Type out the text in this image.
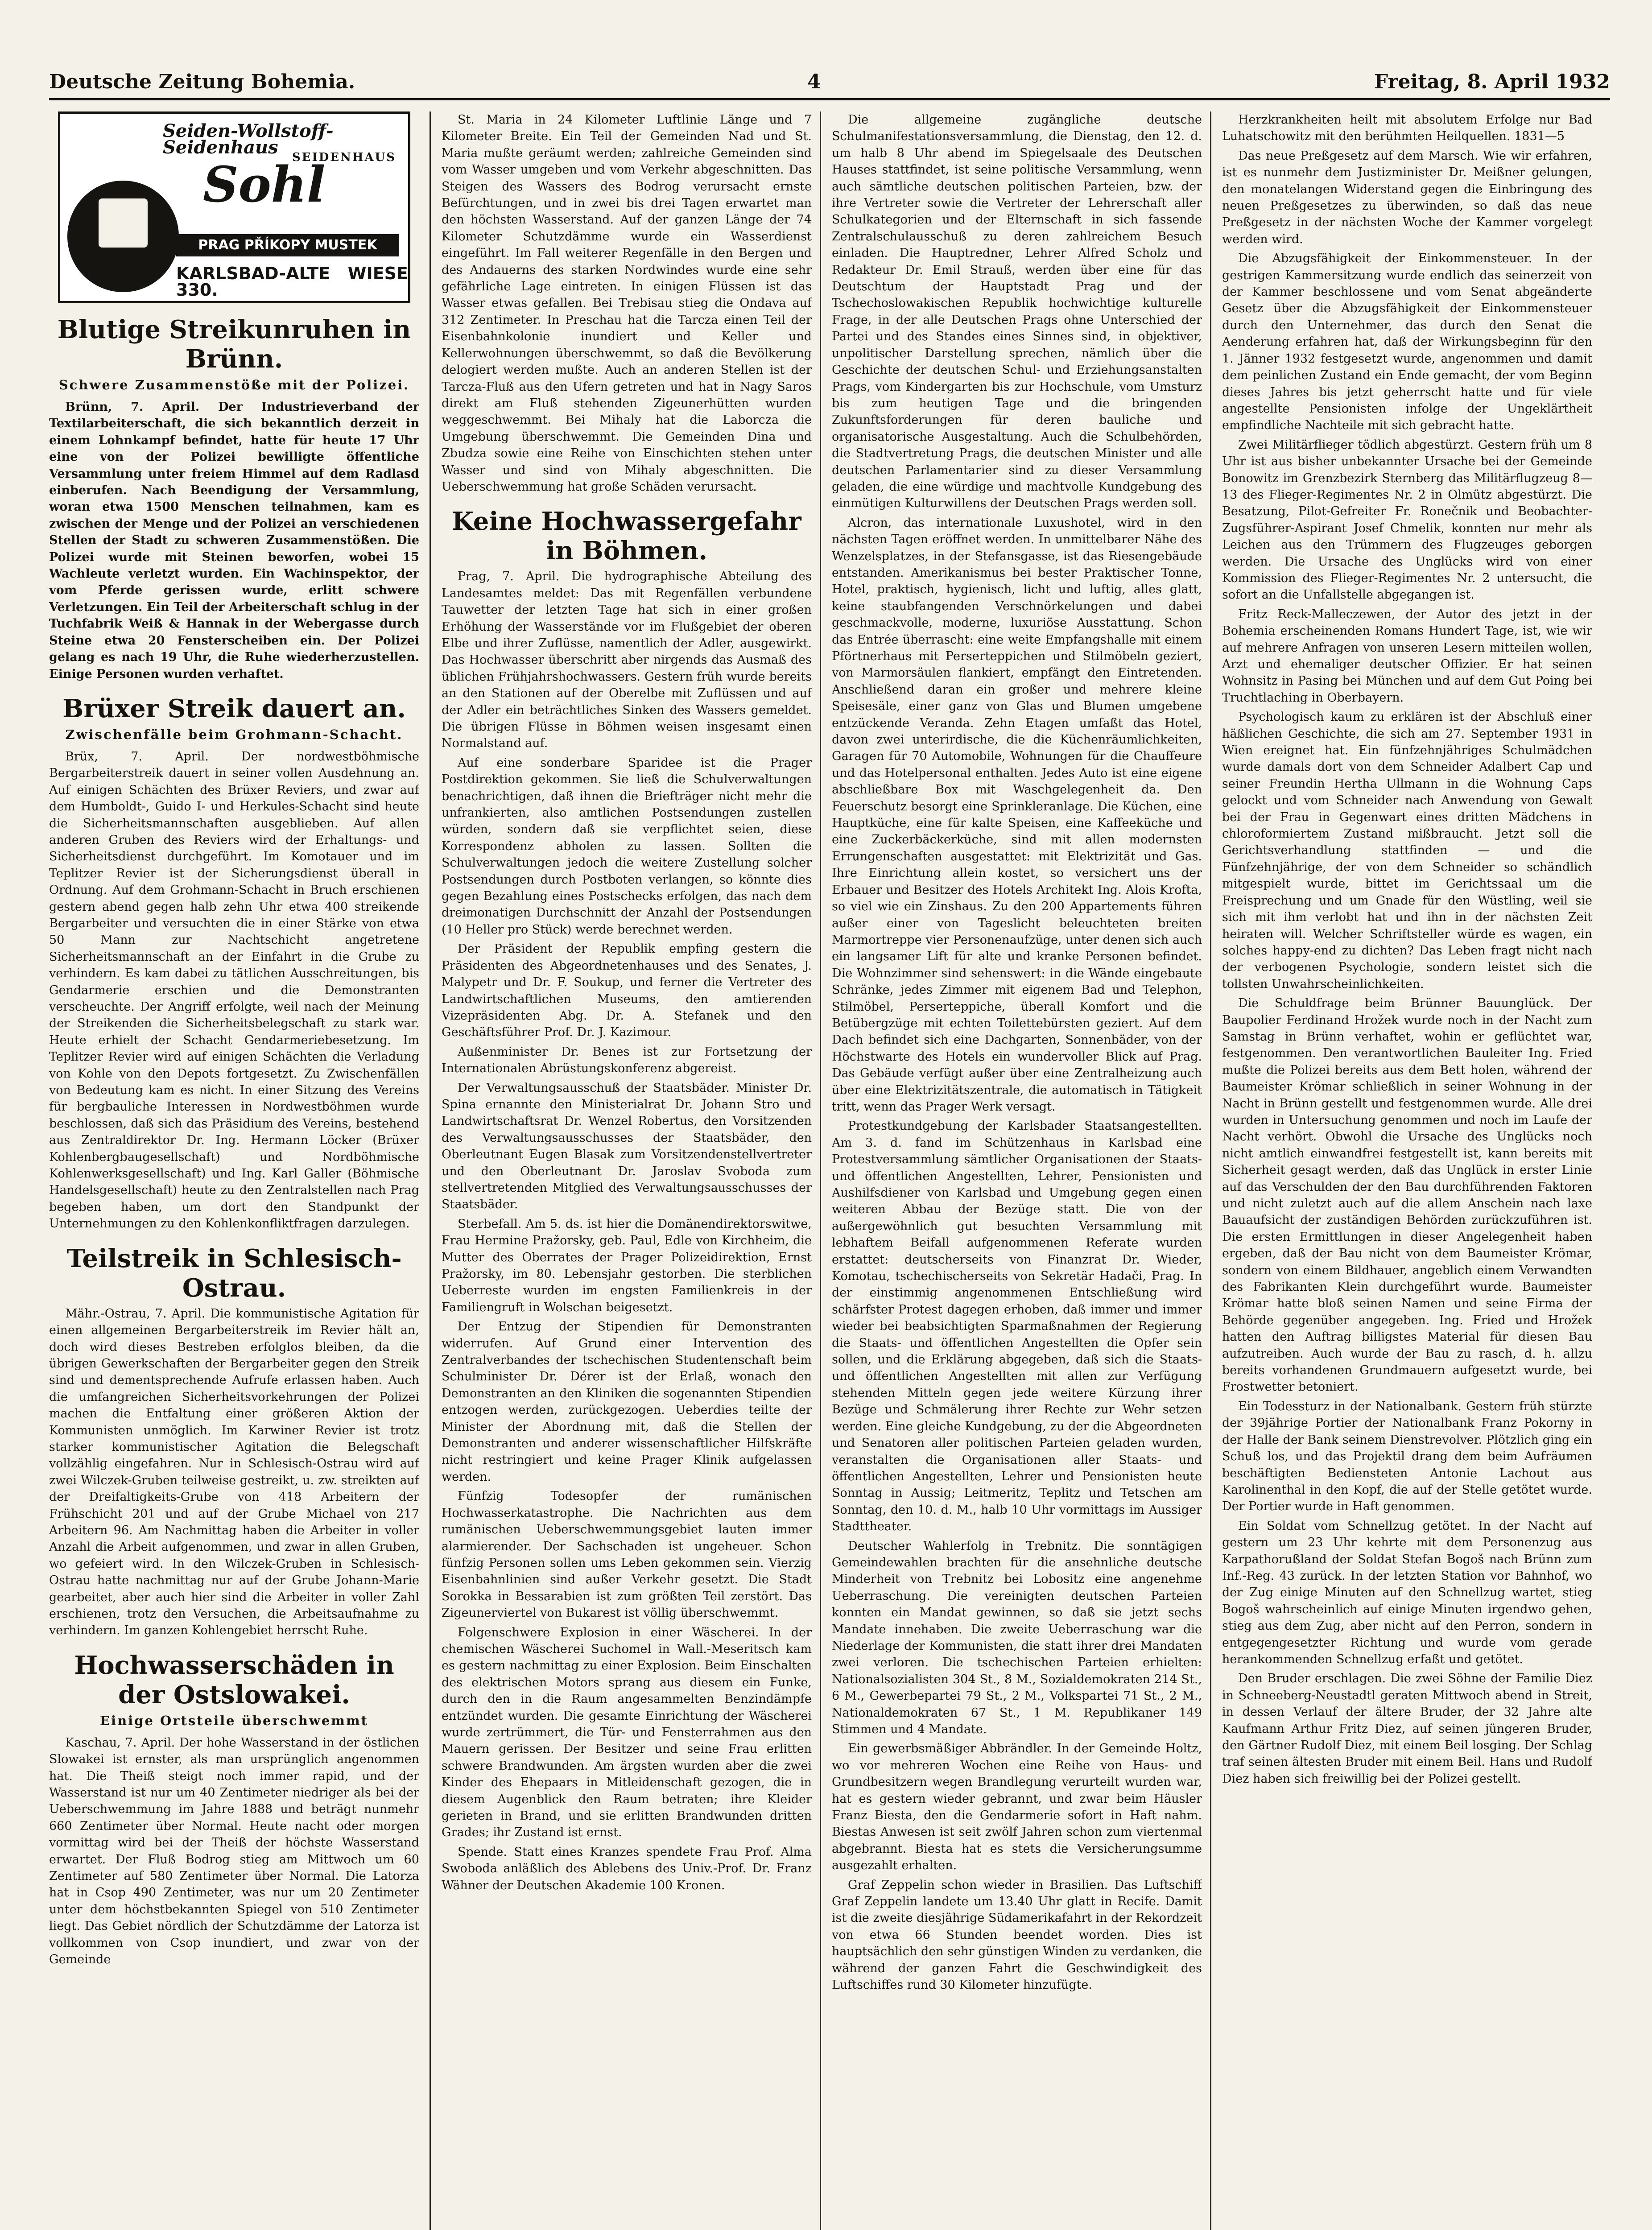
Deutsche Zeitung Bohemia.	4	Freitag, 8. April 1932
Seiden-Wollstoff-Seidenhaus	SEIDENHAUS
Sohl
PRAG PŘÍKOPY MUSTEK
KARLSBAD-ALTE WIESE 330.
Blutige Streikunruhen in Brünn.
Schwere Zusammenstöße mit der Polizei.

Brünn, 7. April. Der Industrieverband der Textilarbeiterschaft, die sich bekanntlich derzeit in einem Lohnkampf befindet, hatte für heute 17 Uhr eine von der Polizei bewilligte öffentliche Versammlung unter freiem Himmel auf dem Radlasd einberufen. Nach Beendigung der Versammlung, woran etwa 1500 Menschen teilnahmen, kam es zwischen der Menge und der Polizei an verschiedenen Stellen der Stadt zu schweren Zusammenstößen. Die Polizei wurde mit Steinen beworfen, wobei 15 Wachleute verletzt wurden. Ein Wachinspektor, der vom Pferde gerissen wurde, erlitt schwere Verletzungen. Ein Teil der Arbeiterschaft schlug in der Tuchfabrik Weiß & Hannak in der Webergasse durch Steine etwa 20 Fensterscheiben ein. Der Polizei gelang es nach 19 Uhr, die Ruhe wiederherzustellen. Einige Personen wurden verhaftet.

Brüxer Streik dauert an.
Zwischenfälle beim Grohmann-Schacht.

Brüx, 7. April. Der nordwestböhmische Bergarbeiterstreik dauert in seiner vollen Ausdehnung an. Auf einigen Schächten des Brüxer Reviers, und zwar auf dem Humboldt-, Guido I- und Herkules-Schacht sind heute die Sicherheitsmannschaften ausgeblieben. Auf allen anderen Gruben des Reviers wird der Erhaltungs- und Sicherheitsdienst durchgeführt. Im Komotauer und im Teplitzer Revier ist der Sicherungsdienst überall in Ordnung. Auf dem Grohmann-Schacht in Bruch erschienen gestern abend gegen halb zehn Uhr etwa 400 streikende Bergarbeiter und versuchten die in einer Stärke von etwa 50 Mann zur Nachtschicht angetretene Sicherheitsmannschaft an der Einfahrt in die Grube zu verhindern. Es kam dabei zu tätlichen Ausschreitungen, bis Gendarmerie erschien und die Demonstranten verscheuchte. Der Angriff erfolgte, weil nach der Meinung der Streikenden die Sicherheitsbelegschaft zu stark war. Heute erhielt der Schacht Gendarmeriebesetzung. Im Teplitzer Revier wird auf einigen Schächten die Verladung von Kohle von den Depots fortgesetzt. Zu Zwischenfällen von Bedeutung kam es nicht. In einer Sitzung des Vereins für bergbauliche Interessen in Nordwestböhmen wurde beschlossen, daß sich das Präsidium des Vereins, bestehend aus Zentraldirektor Dr. Ing. Hermann Löcker (Brüxer Kohlenbergbaugesellschaft) und Nordböhmische Kohlenwerksgesellschaft) und Ing. Karl Galler (Böhmische Handelsgesellschaft) heute zu den Zentralstellen nach Prag begeben haben, um dort den Standpunkt der Unternehmungen zu den Kohlenkonfliktfragen darzulegen.

Teilstreik in Schlesisch-Ostrau.

Mähr.-Ostrau, 7. April. Die kommunistische Agitation für einen allgemeinen Bergarbeiterstreik im Revier hält an, doch wird dieses Bestreben erfolglos bleiben, da die übrigen Gewerkschaften der Bergarbeiter gegen den Streik sind und dementsprechende Aufrufe erlassen haben. Auch die umfangreichen Sicherheitsvorkehrungen der Polizei machen die Entfaltung einer größeren Aktion der Kommunisten unmöglich. Im Karwiner Revier ist trotz starker kommunistischer Agitation die Belegschaft vollzählig eingefahren. Nur in Schlesisch-Ostrau wird auf zwei Wilczek-Gruben teilweise gestreikt, u. zw. streikten auf der Dreifaltigkeits-Grube von 418 Arbeitern der Frühschicht 201 und auf der Grube Michael von 217 Arbeitern 96. Am Nachmittag haben die Arbeiter in voller Anzahl die Arbeit aufgenommen, und zwar in allen Gruben, wo gefeiert wird. In den Wilczek-Gruben in Schlesisch-Ostrau hatte nachmittag nur auf der Grube Johann-Marie gearbeitet, aber auch hier sind die Arbeiter in voller Zahl erschienen, trotz den Versuchen, die Arbeitsaufnahme zu verhindern. Im ganzen Kohlengebiet herrscht Ruhe.

Hochwasserschäden in der Ostslowakei.
Einige Ortsteile überschwemmt

Kaschau, 7. April. Der hohe Wasserstand in der östlichen Slowakei ist ernster, als man ursprünglich angenommen hat. Die Theiß steigt noch immer rapid, und der Wasserstand ist nur um 40 Zentimeter niedriger als bei der Ueberschwemmung im Jahre 1888 und beträgt nunmehr 660 Zentimeter über Normal. Heute nacht oder morgen vormittag wird bei der Theiß der höchste Wasserstand erwartet. Der Fluß Bodrog stieg am Mittwoch um 60 Zentimeter auf 580 Zentimeter über Normal. Die Latorza hat in Csop 490 Zentimeter, was nur um 20 Zentimeter unter dem höchstbekannten Spiegel von 510 Zentimeter liegt. Das Gebiet nördlich der Schutzdämme der Latorza ist vollkommen von Csop inundiert, und zwar von der Gemeinde

St. Maria in 24 Kilometer Luftlinie Länge und 7 Kilometer Breite. Ein Teil der Gemeinden Nad und St. Maria mußte geräumt werden; zahlreiche Gemeinden sind vom Wasser umgeben und vom Verkehr abgeschnitten. Das Steigen des Wassers des Bodrog verursacht ernste Befürchtungen, und in zwei bis drei Tagen erwartet man den höchsten Wasserstand. Auf der ganzen Länge der 74 Kilometer Schutzdämme wurde ein Wasserdienst eingeführt. Im Fall weiterer Regenfälle in den Bergen und des Andauerns des starken Nordwindes wurde eine sehr gefährliche Lage eintreten. In einigen Flüssen ist das Wasser etwas gefallen. Bei Trebisau stieg die Ondava auf 312 Zentimeter. In Preschau hat die Tarcza einen Teil der Eisenbahnkolonie inundiert und Keller und Kellerwohnungen überschwemmt, so daß die Bevölkerung delogiert werden mußte. Auch an anderen Stellen ist der Tarcza-Fluß aus den Ufern getreten und hat in Nagy Saros direkt am Fluß stehenden Zigeunerhütten wurden weggeschwemmt. Bei Mihaly hat die Laborcza die Umgebung überschwemmt. Die Gemeinden Dina und Zbudza sowie eine Reihe von Einschichten stehen unter Wasser und sind von Mihaly abgeschnitten. Die Ueberschwemmung hat große Schäden verursacht.

Keine Hochwassergefahr in Böhmen.

Prag, 7. April. Die hydrographische Abteilung des Landesamtes meldet: Das mit Regenfällen verbundene Tauwetter der letzten Tage hat sich in einer großen Erhöhung der Wasserstände vor im Flußgebiet der oberen Elbe und ihrer Zuflüsse, namentlich der Adler, ausgewirkt. Das Hochwasser überschritt aber nirgends das Ausmaß des üblichen Frühjahrshochwassers. Gestern früh wurde bereits an den Stationen auf der Oberelbe mit Zuflüssen und auf der Adler ein beträchtliches Sinken des Wassers gemeldet. Die übrigen Flüsse in Böhmen weisen insgesamt einen Normalstand auf.

Auf eine sonderbare Sparidee ist die Prager Postdirektion gekommen. Sie ließ die Schulverwaltungen benachrichtigen, daß ihnen die Briefträger nicht mehr die unfrankierten, also amtlichen Postsendungen zustellen würden, sondern daß sie verpflichtet seien, diese Korrespondenz abholen zu lassen. Sollten die Schulverwaltungen jedoch die weitere Zustellung solcher Postsendungen durch Postboten verlangen, so könnte dies gegen Bezahlung eines Postschecks erfolgen, das nach dem dreimonatigen Durchschnitt der Anzahl der Postsendungen (10 Heller pro Stück) werde berechnet werden.

Der Präsident der Republik empfing gestern die Präsidenten des Abgeordnetenhauses und des Senates, J. Malypetr und Dr. F. Soukup, und ferner die Vertreter des Landwirtschaftlichen Museums, den amtierenden Vizepräsidenten Abg. Dr. A. Stefanek und den Geschäftsführer Prof. Dr. J. Kazimour.

Außenminister Dr. Benes ist zur Fortsetzung der Internationalen Abrüstungskonferenz abgereist.

Der Verwaltungsausschuß der Staatsbäder. Minister Dr. Spina ernannte den Ministerialrat Dr. Johann Stro und Landwirtschaftsrat Dr. Wenzel Robertus, den Vorsitzenden des Verwaltungsausschusses der Staatsbäder, den Oberleutnant Eugen Blasak zum Vorsitzendenstellvertreter und den Oberleutnant Dr. Jaroslav Svoboda zum stellvertretenden Mitglied des Verwaltungsausschusses der Staatsbäder.

Sterbefall. Am 5. ds. ist hier die Domänendirektorswitwe, Frau Hermine Pražorsky, geb. Paul, Edle von Kirchheim, die Mutter des Oberrates der Prager Polizeidirektion, Ernst Pražorsky, im 80. Lebensjahr gestorben. Die sterblichen Ueberreste wurden im engsten Familienkreis in der Familiengruft in Wolschan beigesetzt.

Der Entzug der Stipendien für Demonstranten widerrufen. Auf Grund einer Intervention des Zentralverbandes der tschechischen Studentenschaft beim Schulminister Dr. Dérer ist der Erlaß, wonach den Demonstranten an den Kliniken die sogenannten Stipendien entzogen werden, zurückgezogen. Ueberdies teilte der Minister der Abordnung mit, daß die Stellen der Demonstranten und anderer wissenschaftlicher Hilfskräfte nicht restringiert und keine Prager Klinik aufgelassen werden.

Fünfzig Todesopfer der rumänischen Hochwasserkatastrophe. Die Nachrichten aus dem rumänischen Ueberschwemmungsgebiet lauten immer alarmierender. Der Sachschaden ist ungeheuer. Schon fünfzig Personen sollen ums Leben gekommen sein. Vierzig Eisenbahnlinien sind außer Verkehr gesetzt. Die Stadt Sorokka in Bessarabien ist zum größten Teil zerstört. Das Zigeunerviertel von Bukarest ist völlig überschwemmt.

Folgenschwere Explosion in einer Wäscherei. In der chemischen Wäscherei Suchomel in Wall.-Meseritsch kam es gestern nachmittag zu einer Explosion. Beim Einschalten des elektrischen Motors sprang aus diesem ein Funke, durch den in die Raum angesammelten Benzindämpfe entzündet wurden. Die gesamte Einrichtung der Wäscherei wurde zertrümmert, die Tür- und Fensterrahmen aus den Mauern gerissen. Der Besitzer und seine Frau erlitten schwere Brandwunden. Am ärgsten wurden aber die zwei Kinder des Ehepaars in Mitleidenschaft gezogen, die in diesem Augenblick den Raum betraten; ihre Kleider gerieten in Brand, und sie erlitten Brandwunden dritten Grades; ihr Zustand ist ernst.

Spende. Statt eines Kranzes spendete Frau Prof. Alma Swoboda anläßlich des Ablebens des Univ.-Prof. Dr. Franz Wähner der Deutschen Akademie 100 Kronen.

Die allgemeine zugängliche deutsche Schulmanifestationsversammlung, die Dienstag, den 12. d. um halb 8 Uhr abend im Spiegelsaale des Deutschen Hauses stattfindet, ist seine politische Versammlung, wenn auch sämtliche deutschen politischen Parteien, bzw. der ihre Vertreter sowie die Vertreter der Lehrerschaft aller Schulkategorien und der Elternschaft in sich fassende Zentralschulausschuß zu deren zahlreichem Besuch einladen. Die Hauptredner, Lehrer Alfred Scholz und Redakteur Dr. Emil Strauß, werden über eine für das Deutschtum der Hauptstadt Prag und der Tschechoslowakischen Republik hochwichtige kulturelle Frage, in der alle Deutschen Prags ohne Unterschied der Partei und des Standes eines Sinnes sind, in objektiver, unpolitischer Darstellung sprechen, nämlich über die Geschichte der deutschen Schul- und Erziehungsanstalten Prags, vom Kindergarten bis zur Hochschule, vom Umsturz bis zum heutigen Tage und die bringenden Zukunftsforderungen für deren bauliche und organisatorische Ausgestaltung. Auch die Schulbehörden, die Stadtvertretung Prags, die deutschen Minister und alle deutschen Parlamentarier sind zu dieser Versammlung geladen, die eine würdige und machtvolle Kundgebung des einmütigen Kulturwillens der Deutschen Prags werden soll.

Alcron, das internationale Luxushotel, wird in den nächsten Tagen eröffnet werden. In unmittelbarer Nähe des Wenzelsplatzes, in der Stefansgasse, ist das Riesengebäude entstanden. Amerikanismus bei bester Praktischer Tonne, Hotel, praktisch, hygienisch, licht und luftig, alles glatt, keine staubfangenden Verschnörkelungen und dabei geschmackvolle, moderne, luxuriöse Ausstattung. Schon das Entrée überrascht: eine weite Empfangshalle mit einem Pförtnerhaus mit Perserteppichen und Stilmöbeln geziert, von Marmorsäulen flankiert, empfängt den Eintretenden. Anschließend daran ein großer und mehrere kleine Speisesäle, einer ganz von Glas und Blumen umgebene entzückende Veranda. Zehn Etagen umfaßt das Hotel, davon zwei unterirdische, die die Küchenräumlichkeiten, Garagen für 70 Automobile, Wohnungen für die Chauffeure und das Hotelpersonal enthalten. Jedes Auto ist eine eigene abschließbare Box mit Waschgelegenheit da. Den Feuerschutz besorgt eine Sprinkleranlage. Die Küchen, eine Hauptküche, eine für kalte Speisen, eine Kaffeeküche und eine Zuckerbäckerküche, sind mit allen modernsten Errungenschaften ausgestattet: mit Elektrizität und Gas. Ihre Einrichtung allein kostet, so versichert uns der Erbauer und Besitzer des Hotels Architekt Ing. Alois Krofta, so viel wie ein Zinshaus. Zu den 200 Appartements führen außer einer von Tageslicht beleuchteten breiten Marmortreppe vier Personenaufzüge, unter denen sich auch ein langsamer Lift für alte und kranke Personen befindet. Die Wohnzimmer sind sehenswert: in die Wände eingebaute Schränke, jedes Zimmer mit eigenem Bad und Telephon, Stilmöbel, Perserteppiche, überall Komfort und die Betübergzüge mit echten Toilettebürsten geziert. Auf dem Dach befindet sich eine Dachgarten, Sonnenbäder, von der Höchstwarte des Hotels ein wundervoller Blick auf Prag. Das Gebäude verfügt außer über eine Zentralheizung auch über eine Elektrizitätszentrale, die automatisch in Tätigkeit tritt, wenn das Prager Werk versagt.

Protestkundgebung der Karlsbader Staatsangestellten. Am 3. d. fand im Schützenhaus in Karlsbad eine Protestversammlung sämtlicher Organisationen der Staats- und öffentlichen Angestellten, Lehrer, Pensionisten und Aushilfsdiener von Karlsbad und Umgebung gegen einen weiteren Abbau der Bezüge statt. Die von der außergewöhnlich gut besuchten Versammlung mit lebhaftem Beifall aufgenommenen Referate wurden erstattet: deutscherseits von Finanzrat Dr. Wieder, Komotau, tschechischerseits von Sekretär Hadači, Prag. In der einstimmig angenommenen Entschließung wird schärfster Protest dagegen erhoben, daß immer und immer wieder bei beabsichtigten Sparmaßnahmen der Regierung die Staats- und öffentlichen Angestellten die Opfer sein sollen, und die Erklärung abgegeben, daß sich die Staats- und öffentlichen Angestellten mit allen zur Verfügung stehenden Mitteln gegen jede weitere Kürzung ihrer Bezüge und Schmälerung ihrer Rechte zur Wehr setzen werden. Eine gleiche Kundgebung, zu der die Abgeordneten und Senatoren aller politischen Parteien geladen wurden, veranstalten die Organisationen aller Staats- und öffentlichen Angestellten, Lehrer und Pensionisten heute Sonntag in Aussig; Leitmeritz, Teplitz und Tetschen am Sonntag, den 10. d. M., halb 10 Uhr vormittags im Aussiger Stadttheater.

Deutscher Wahlerfolg in Trebnitz. Die sonntägigen Gemeindewahlen brachten für die ansehnliche deutsche Minderheit von Trebnitz bei Lobositz eine angenehme Ueberraschung. Die vereinigten deutschen Parteien konnten ein Mandat gewinnen, so daß sie jetzt sechs Mandate innehaben. Die zweite Ueberraschung war die Niederlage der Kommunisten, die statt ihrer drei Mandaten zwei verloren. Die tschechischen Parteien erhielten: Nationalsozialisten 304 St., 8 M., Sozialdemokraten 214 St., 6 M., Gewerbepartei 79 St., 2 M., Volkspartei 71 St., 2 M., Nationaldemokraten 67 St., 1 M. Republikaner 149 Stimmen und 4 Mandate.

Ein gewerbsmäßiger Abbrändler. In der Gemeinde Holtz, wo vor mehreren Wochen eine Reihe von Haus- und Grundbesitzern wegen Brandlegung verurteilt wurden war, hat es gestern wieder gebrannt, und zwar beim Häusler Franz Biesta, den die Gendarmerie sofort in Haft nahm. Biestas Anwesen ist seit zwölf Jahren schon zum viertenmal abgebrannt. Biesta hat es stets die Versicherungsumme ausgezahlt erhalten.

Graf Zeppelin schon wieder in Brasilien. Das Luftschiff Graf Zeppelin landete um 13.40 Uhr glatt in Recife. Damit ist die zweite diesjährige Südamerikafahrt in der Rekordzeit von etwa 66 Stunden beendet worden. Dies ist hauptsächlich den sehr günstigen Winden zu verdanken, die während der ganzen Fahrt die Geschwindigkeit des Luftschiffes rund 30 Kilometer hinzufügte.

Herzkrankheiten heilt mit absolutem Erfolge nur Bad Luhatschowitz mit den berühmten Heilquellen. 1831—5

Das neue Preßgesetz auf dem Marsch. Wie wir erfahren, ist es nunmehr dem Justizminister Dr. Meißner gelungen, den monatelangen Widerstand gegen die Einbringung des neuen Preßgesetzes zu überwinden, so daß das neue Preßgesetz in der nächsten Woche der Kammer vorgelegt werden wird.

Die Abzugsfähigkeit der Einkommensteuer. In der gestrigen Kammersitzung wurde endlich das seinerzeit von der Kammer beschlossene und vom Senat abgeänderte Gesetz über die Abzugsfähigkeit der Einkommensteuer durch den Unternehmer, das durch den Senat die Aenderung erfahren hat, daß der Wirkungsbeginn für den 1. Jänner 1932 festgesetzt wurde, angenommen und damit dem peinlichen Zustand ein Ende gemacht, der vom Beginn dieses Jahres bis jetzt geherrscht hatte und für viele angestellte Pensionisten infolge der Ungeklärtheit empfindliche Nachteile mit sich gebracht hatte.

Zwei Militärflieger tödlich abgestürzt. Gestern früh um 8 Uhr ist aus bisher unbekannter Ursache bei der Gemeinde Bonowitz im Grenzbezirk Sternberg das Militärflugzeug 8—13 des Flieger-Regimentes Nr. 2 in Olmütz abgestürzt. Die Besatzung, Pilot-Gefreiter Fr. Ronečnik und Beobachter-Zugsführer-Aspirant Josef Chmelik, konnten nur mehr als Leichen aus den Trümmern des Flugzeuges geborgen werden. Die Ursache des Unglücks wird von einer Kommission des Flieger-Regimentes Nr. 2 untersucht, die sofort an die Unfallstelle abgegangen ist.

Fritz Reck-Malleczewen, der Autor des jetzt in der Bohemia erscheinenden Romans Hundert Tage, ist, wie wir auf mehrere Anfragen von unseren Lesern mitteilen wollen, Arzt und ehemaliger deutscher Offizier. Er hat seinen Wohnsitz in Pasing bei München und auf dem Gut Poing bei Truchtlaching in Oberbayern.

Psychologisch kaum zu erklären ist der Abschluß einer häßlichen Geschichte, die sich am 27. September 1931 in Wien ereignet hat. Ein fünfzehnjähriges Schulmädchen wurde damals dort von dem Schneider Adalbert Cap und seiner Freundin Hertha Ullmann in die Wohnung Caps gelockt und vom Schneider nach Anwendung von Gewalt bei der Frau in Gegenwart eines dritten Mädchens in chloroformiertem Zustand mißbraucht. Jetzt soll die Gerichtsverhandlung stattfinden — und die Fünfzehnjährige, der von dem Schneider so schändlich mitgespielt wurde, bittet im Gerichtssaal um die Freisprechung und um Gnade für den Wüstling, weil sie sich mit ihm verlobt hat und ihn in der nächsten Zeit heiraten will. Welcher Schriftsteller würde es wagen, ein solches happy-end zu dichten? Das Leben fragt nicht nach der verbogenen Psychologie, sondern leistet sich die tollsten Unwahrscheinlichkeiten.

Die Schuldfrage beim Brünner Bauunglück. Der Baupolier Ferdinand Hrožek wurde noch in der Nacht zum Samstag in Brünn verhaftet, wohin er geflüchtet war, festgenommen. Den verantwortlichen Bauleiter Ing. Fried mußte die Polizei bereits aus dem Bett holen, während der Baumeister Krömar schließlich in seiner Wohnung in der Nacht in Brünn gestellt und festgenommen wurde. Alle drei wurden in Untersuchung genommen und noch im Laufe der Nacht verhört. Obwohl die Ursache des Unglücks noch nicht amtlich einwandfrei festgestellt ist, kann bereits mit Sicherheit gesagt werden, daß das Unglück in erster Linie auf das Verschulden der den Bau durchführenden Faktoren und nicht zuletzt auch auf die allem Anschein nach laxe Bauaufsicht der zuständigen Behörden zurückzuführen ist. Die ersten Ermittlungen in dieser Angelegenheit haben ergeben, daß der Bau nicht von dem Baumeister Krömar, sondern von einem Bildhauer, angeblich einem Verwandten des Fabrikanten Klein durchgeführt wurde. Baumeister Krömar hatte bloß seinen Namen und seine Firma der Behörde gegenüber angegeben. Ing. Fried und Hrožek hatten den Auftrag billigstes Material für diesen Bau aufzutreiben. Auch wurde der Bau zu rasch, d. h. allzu bereits vorhandenen Grundmauern aufgesetzt wurde, bei Frostwetter betoniert.

Ein Todessturz in der Nationalbank. Gestern früh stürzte der 39jährige Portier der Nationalbank Franz Pokorny in der Halle der Bank seinem Dienstrevolver. Plötzlich ging ein Schuß los, und das Projektil drang dem beim Aufräumen beschäftigten Bediensteten Antonie Lachout aus Karolinenthal in den Kopf, die auf der Stelle getötet wurde. Der Portier wurde in Haft genommen.

Ein Soldat vom Schnellzug getötet. In der Nacht auf gestern um 23 Uhr kehrte mit dem Personenzug aus Karpathorußland der Soldat Stefan Bogoš nach Brünn zum Inf.-Reg. 43 zurück. In der letzten Station vor Bahnhof, wo der Zug einige Minuten auf den Schnellzug wartet, stieg Bogoš wahrscheinlich auf einige Minuten irgendwo gehen, stieg aus dem Zug, aber nicht auf den Perron, sondern in entgegengesetzter Richtung und wurde vom gerade herankommenden Schnellzug erfaßt und getötet.

Den Bruder erschlagen. Die zwei Söhne der Familie Diez in Schneeberg-Neustadtl geraten Mittwoch abend in Streit, in dessen Verlauf der ältere Bruder, der 32 Jahre alte Kaufmann Arthur Fritz Diez, auf seinen jüngeren Bruder, den Gärtner Rudolf Diez, mit einem Beil losging. Der Schlag traf seinen ältesten Bruder mit einem Beil. Hans und Rudolf Diez haben sich freiwillig bei der Polizei gestellt.
